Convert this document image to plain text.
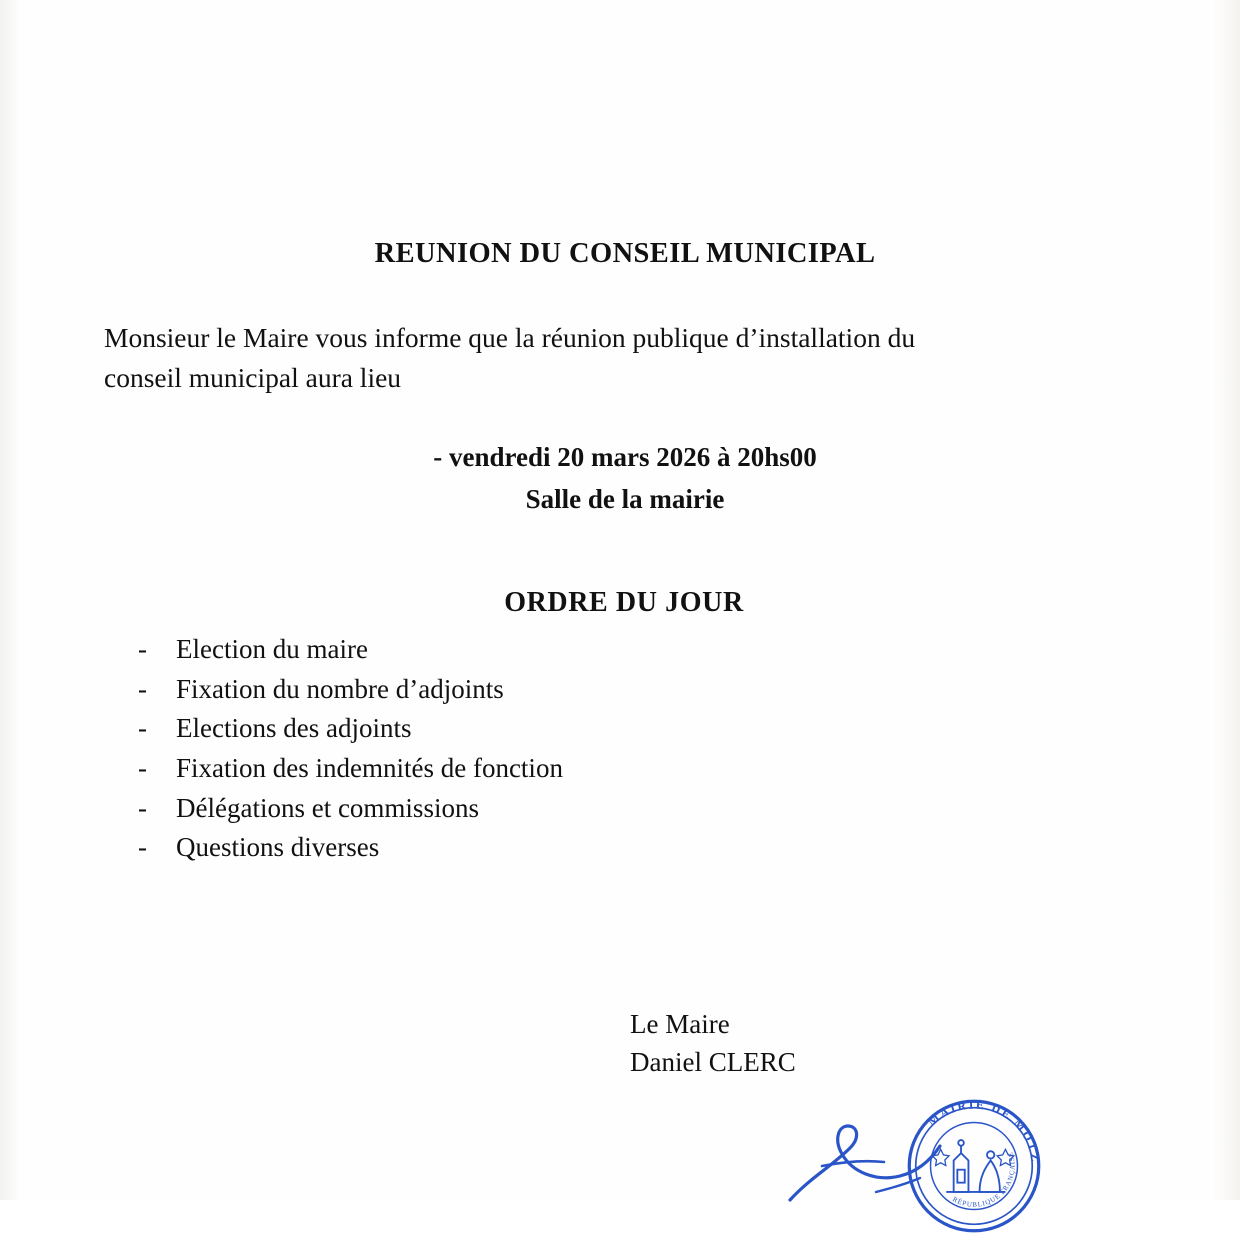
REUNION DU CONSEIL MUNICIPAL
Monsieur le Maire vous informe que la réunion publique d’installation du
conseil municipal aura lieu
- vendredi 20 mars 2026 à 20hs00
Salle de la mairie
ORDRE DU JOUR
-	Election du maire
-	Fixation du nombre d’adjoints
-	Elections des adjoints
-	Fixation des indemnités de fonction
-	Délégations et commissions
-	Questions diverses
Le Maire
Daniel CLERC
MAIRIE DE MOTZ
RÉPUBLIQUE FRANÇAISE
